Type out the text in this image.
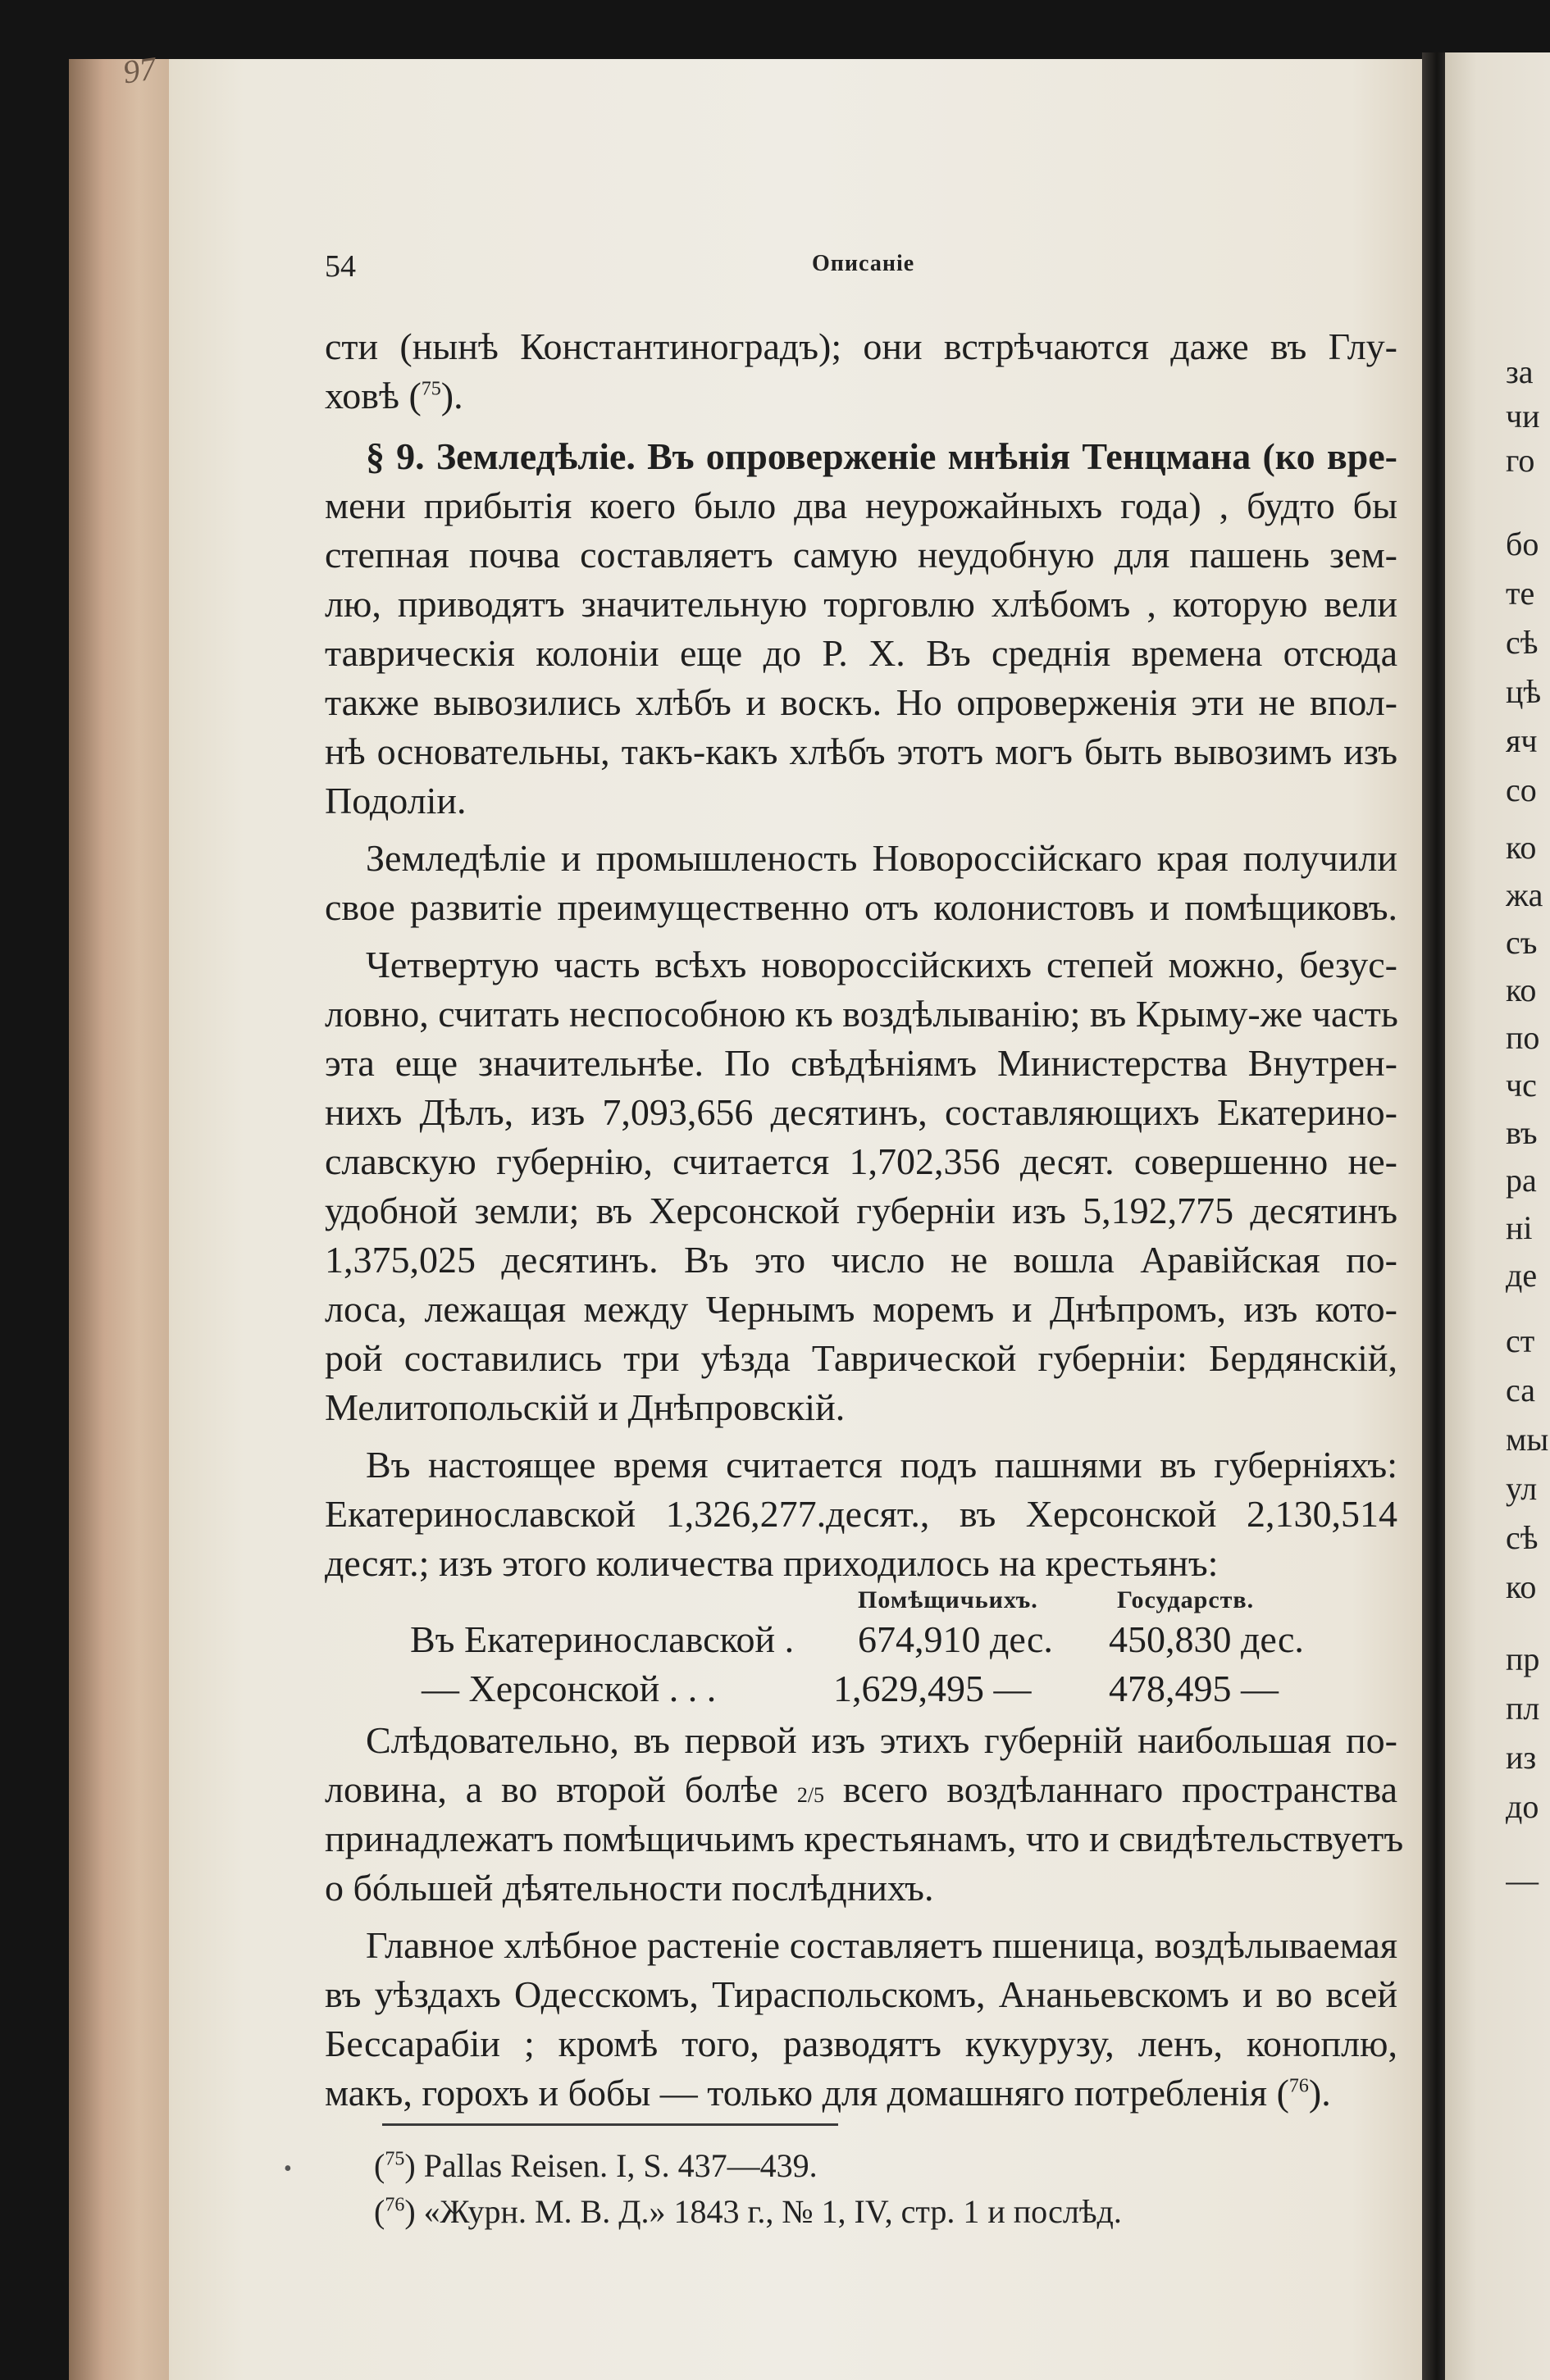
97
54	Описаніе
сти (нынѣ Константиноградъ); они встрѣчаются даже въ Глу-
ховѣ ($^{75}$).
§ 9. Земледѣліе. Въ опроверженіе мнѣнія Тенцмана (ко вре-
мени прибытія коего было два неурожайныхъ года) , будто бы
степная почва составляетъ самую неудобную для пашень зем-
лю, приводятъ значительную торговлю хлѣбомъ , которую вели
таврическія колоніи еще до Р. X. Въ среднія времена отсюда
также вывозились хлѣбъ и воскъ. Но опроверженія эти не впол-
нѣ основательны, такъ-какъ хлѣбъ этотъ могъ быть вывозимъ изъ
Подоліи.
Земледѣліе и промышленость Новороссійскаго края получили
свое развитіе преимущественно отъ колонистовъ и помѣщиковъ.
Четвертую часть всѣхъ новороссійскихъ степей можно, безус-
ловно, считать неспособною къ воздѣлыванію; въ Крыму-же часть
эта еще значительнѣе. По свѣдѣніямъ Министерства Внутрен-
нихъ Дѣлъ, изъ 7,093,656 десятинъ, составляющихъ Екатерино-
славскую губернію, считается 1,702,356 десят. совершенно не-
удобной земли; въ Херсонской губерніи изъ 5,192,775 десятинъ
1,375,025 десятинъ. Въ это число не вошла Аравійская по-
лоса, лежащая между Чернымъ моремъ и Днѣпромъ, изъ кото-
рой составились три уѣзда Таврической губерніи: Бердянскій,
Мелитопольскій и Днѣпровскій.
Въ настоящее время считается подъ пашнями въ губерніяхъ:
Екатеринославской 1,326,277.десят., въ Херсонской 2,130,514
десят.; изъ этого количества приходилось на крестьянъ:
Помѣщичьихъ.	Государств.
Въ Екатеринославской . 674,910 дес. 450,830 дес.
— Херсонской . . .	1,629,495 — 478,495 —
Слѣдовательно, въ первой изъ этихъ губерній наибольшая по-
ловина, а во второй болѣе 2/5 всего воздѣланнаго пространства
принадлежатъ помѣщичьимъ крестьянамъ, что и свидѣтельствуетъ
о бóльшей дѣятельности послѣднихъ.
Главное хлѣбное растеніе составляетъ пшеница, воздѣлываемая
въ уѣздахъ Одесскомъ, Тираспольскомъ, Ананьевскомъ и во всей
Бессарабіи ; кромѣ того, разводятъ кукурузу, ленъ, коноплю,
макъ, горохъ и бобы — только для домашняго потребленія ($^{76}$).
•	($^{75}$) Pallas Reisen. I, S. 437—439.
($^{76}$) «Журн. М. В. Д.» 1843 г., № 1, IV, стр. 1 и послѣд.
за
чи
го
бо
те
сѣ
цѣ
яч
со
ко
жа
съ
ко
по
чс
въ
ра
ні
де
ст
са
мы
ул
сѣ
ко
пр
пл
из
до
—
